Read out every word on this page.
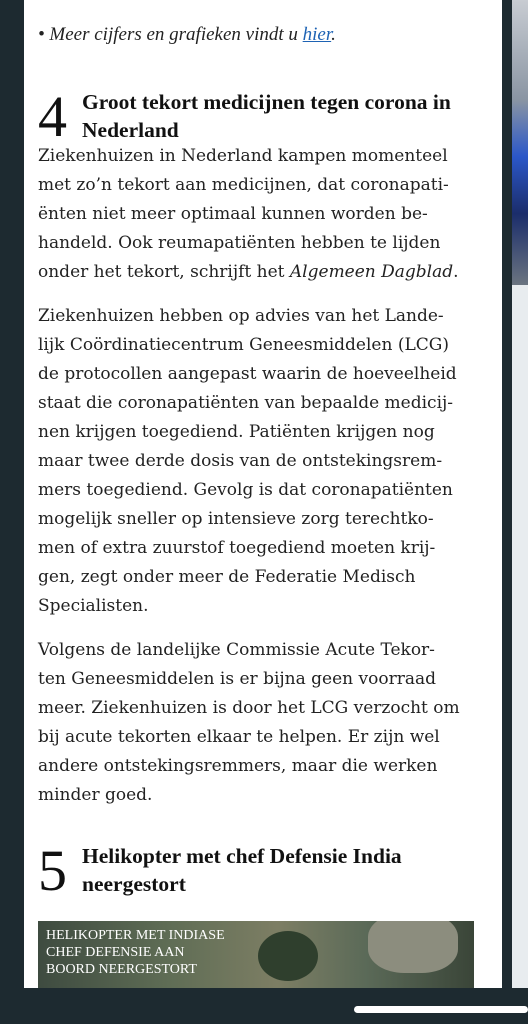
• Meer cijfers en grafieken vindt u hier.
4 Groot tekort medicijnen tegen corona in Nederland

Ziekenhuizen in Nederland kampen momenteel met zo’n tekort aan medicijnen, dat coronapati-
ënten niet meer optimaal kunnen worden be-
handeld. Ook reumapatiënten hebben te lijden
onder het tekort, schrijft het Algemeen Dagblad.

Ziekenhuizen hebben op advies van het Lande-
lijk Coördinatiecentrum Geneesmiddelen (LCG)
de protocollen aangepast waarin de hoeveelheid
staat die coronapatiënten van bepaalde medicij-
nen krijgen toegediend. Patiënten krijgen nog
maar twee derde dosis van de ontstekingsrem-
mers toegediend. Gevolg is dat coronapatiënten
mogelijk sneller op intensieve zorg terechtko-
men of extra zuurstof toegediend moeten krij-
gen, zegt onder meer de Federatie Medisch
Specialisten.

Volgens de landelijke Commissie Acute Tekor-
ten Geneesmiddelen is er bijna geen voorraad
meer. Ziekenhuizen is door het LCG verzocht om
bij acute tekorten elkaar te helpen. Er zijn wel
andere ontstekingsremmers, maar die werken
minder goed.

5 Helikopter met chef Defensie India neergestort
HELIKOPTER MET INDIASE
CHEF DEFENSIE AAN
BOORD NEERGESTORT
